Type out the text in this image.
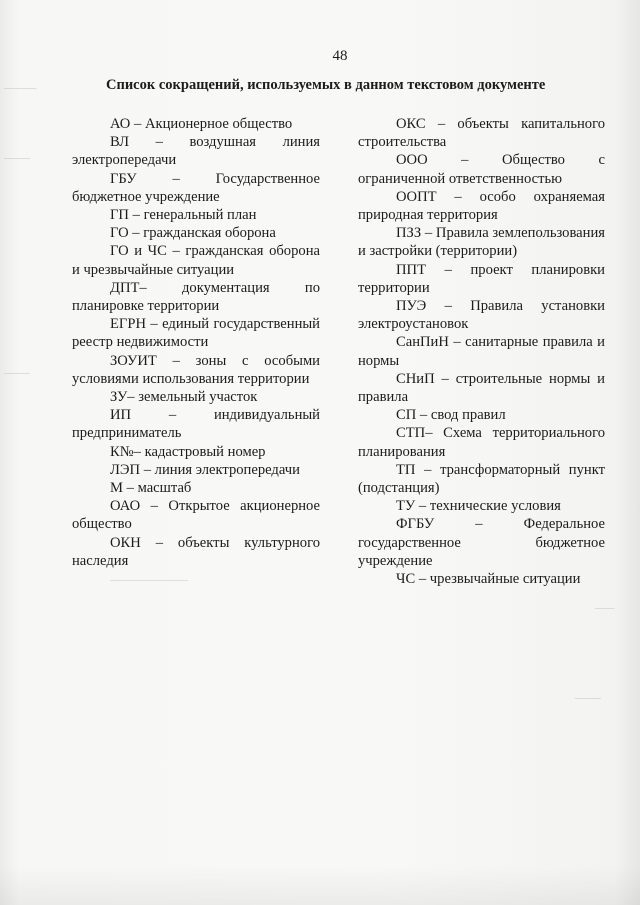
⎯⎯⎯⎯⎯
⎯⎯⎯⎯
⎯⎯⎯⎯
⎯⎯⎯
⎯⎯⎯⎯
⎯⎯⎯⎯⎯⎯⎯⎯⎯⎯⎯⎯
48
Список сокращений, используемых в данном текстовом документе

АО – Акционерное общество

ВЛ – воздушная линия электропередачи

ГБУ – Государственное бюджетное учреждение

ГП – генеральный план

ГО – гражданская оборона

ГО и ЧС – гражданская оборона и чрезвычайные ситуации

ДПТ– документация по планировке территории

ЕГРН – единый государственный реестр недвижимости

ЗОУИТ – зоны с особыми условиями использования территории

ЗУ– земельный участок

ИП – индивидуальный предприниматель

К№– кадастровый номер

ЛЭП – линия электропередачи

М – масштаб

ОАО – Открытое акционерное общество

ОКН – объекты культурного наследия

ОКС – объекты капитального строительства

ООО – Общество с ограниченной ответственностью

ООПТ – особо охраняемая природная территория

ПЗЗ – Правила землепользования и застройки (территории)

ППТ – проект планировки территории

ПУЭ – Правила установки электроустановок

СанПиН – санитарные правила и нормы

СНиП – строительные нормы и правила

СП – свод правил

СТП– Схема территориального планирования

ТП – трансформаторный пункт (подстанция)

ТУ – технические условия

ФГБУ – Федеральное государственное бюджетное учреждение

ЧС – чрезвычайные ситуации
